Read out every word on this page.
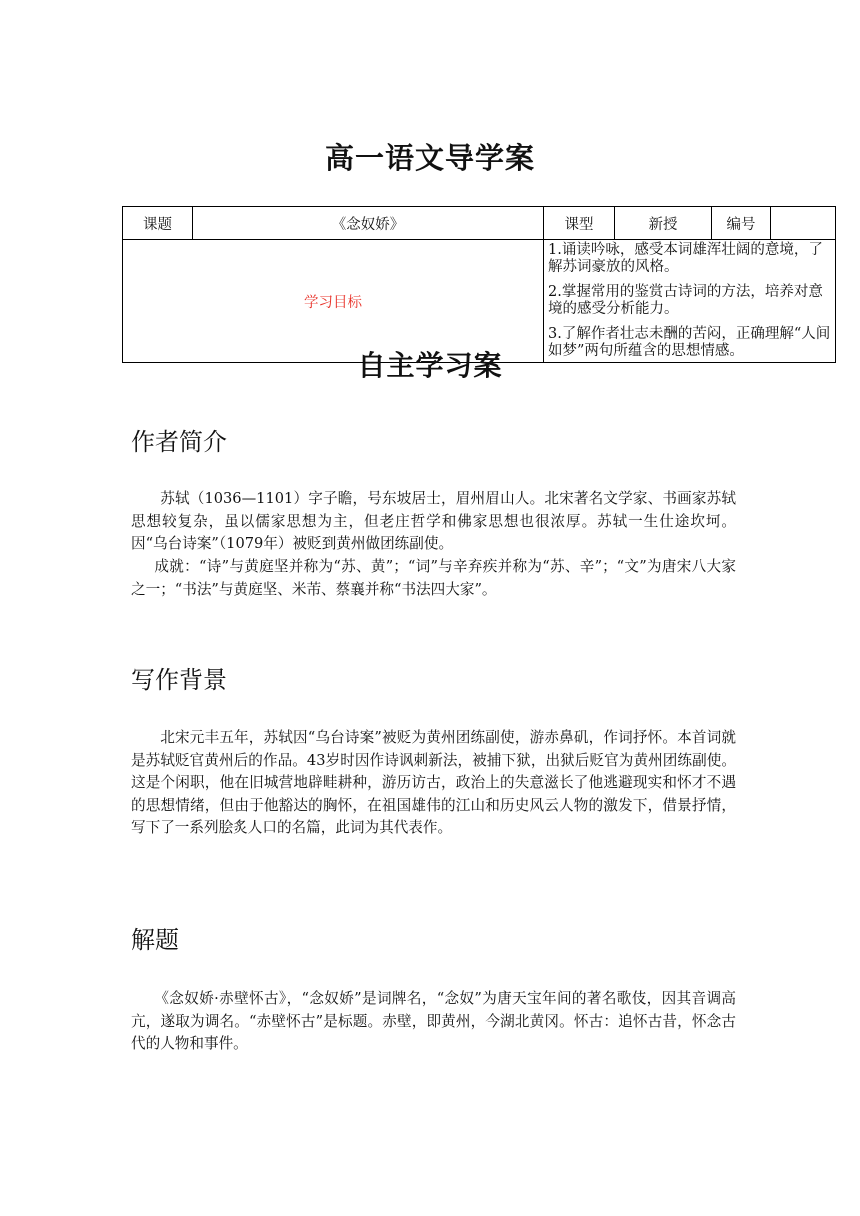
高一语文导学案
课题	《念奴娇》	课型	新授	编号	
学习目标		1.诵读吟咏，感受本词雄浑壮阔的意境，了解苏词豪放的风格。

2.掌握常用的鉴赏古诗词的方法，培养对意境的感受分析能力。

3.了解作者壮志未酬的苦闷，正确理解“人间如梦”两句所蕴含的思想情感。			

自主学习案
作者简介

苏轼（1036—1101）字子瞻，号东坡居士，眉州眉山人。北宋著名文学家、书画家苏轼思想较复杂，虽以儒家思想为主，但老庄哲学和佛家思想也很浓厚。苏轼一生仕途坎坷。因“乌台诗案”（1079年）被贬到黄州做团练副使。

成就：“诗”与黄庭坚并称为“苏、黄”；“词”与辛弃疾并称为“苏、辛”；“文”为唐宋八大家之一；“书法”与黄庭坚、米芾、蔡襄并称“书法四大家”。

写作背景

北宋元丰五年，苏轼因“乌台诗案”被贬为黄州团练副使，游赤鼻矶，作词抒怀。本首词就是苏轼贬官黄州后的作品。43岁时因作诗讽刺新法，被捕下狱，出狱后贬官为黄州团练副使。这是个闲职，他在旧城营地辟畦耕种，游历访古，政治上的失意滋长了他逃避现实和怀才不遇的思想情绪，但由于他豁达的胸怀，在祖国雄伟的江山和历史风云人物的激发下，借景抒情，写下了一系列脍炙人口的名篇，此词为其代表作。

解题

《念奴娇·赤壁怀古》，“念奴娇”是词牌名，“念奴”为唐天宝年间的著名歌伎，因其音调高亢，遂取为调名。“赤壁怀古”是标题。赤壁，即黄州，今湖北黄冈。怀古：追怀古昔，怀念古代的人物和事件。
